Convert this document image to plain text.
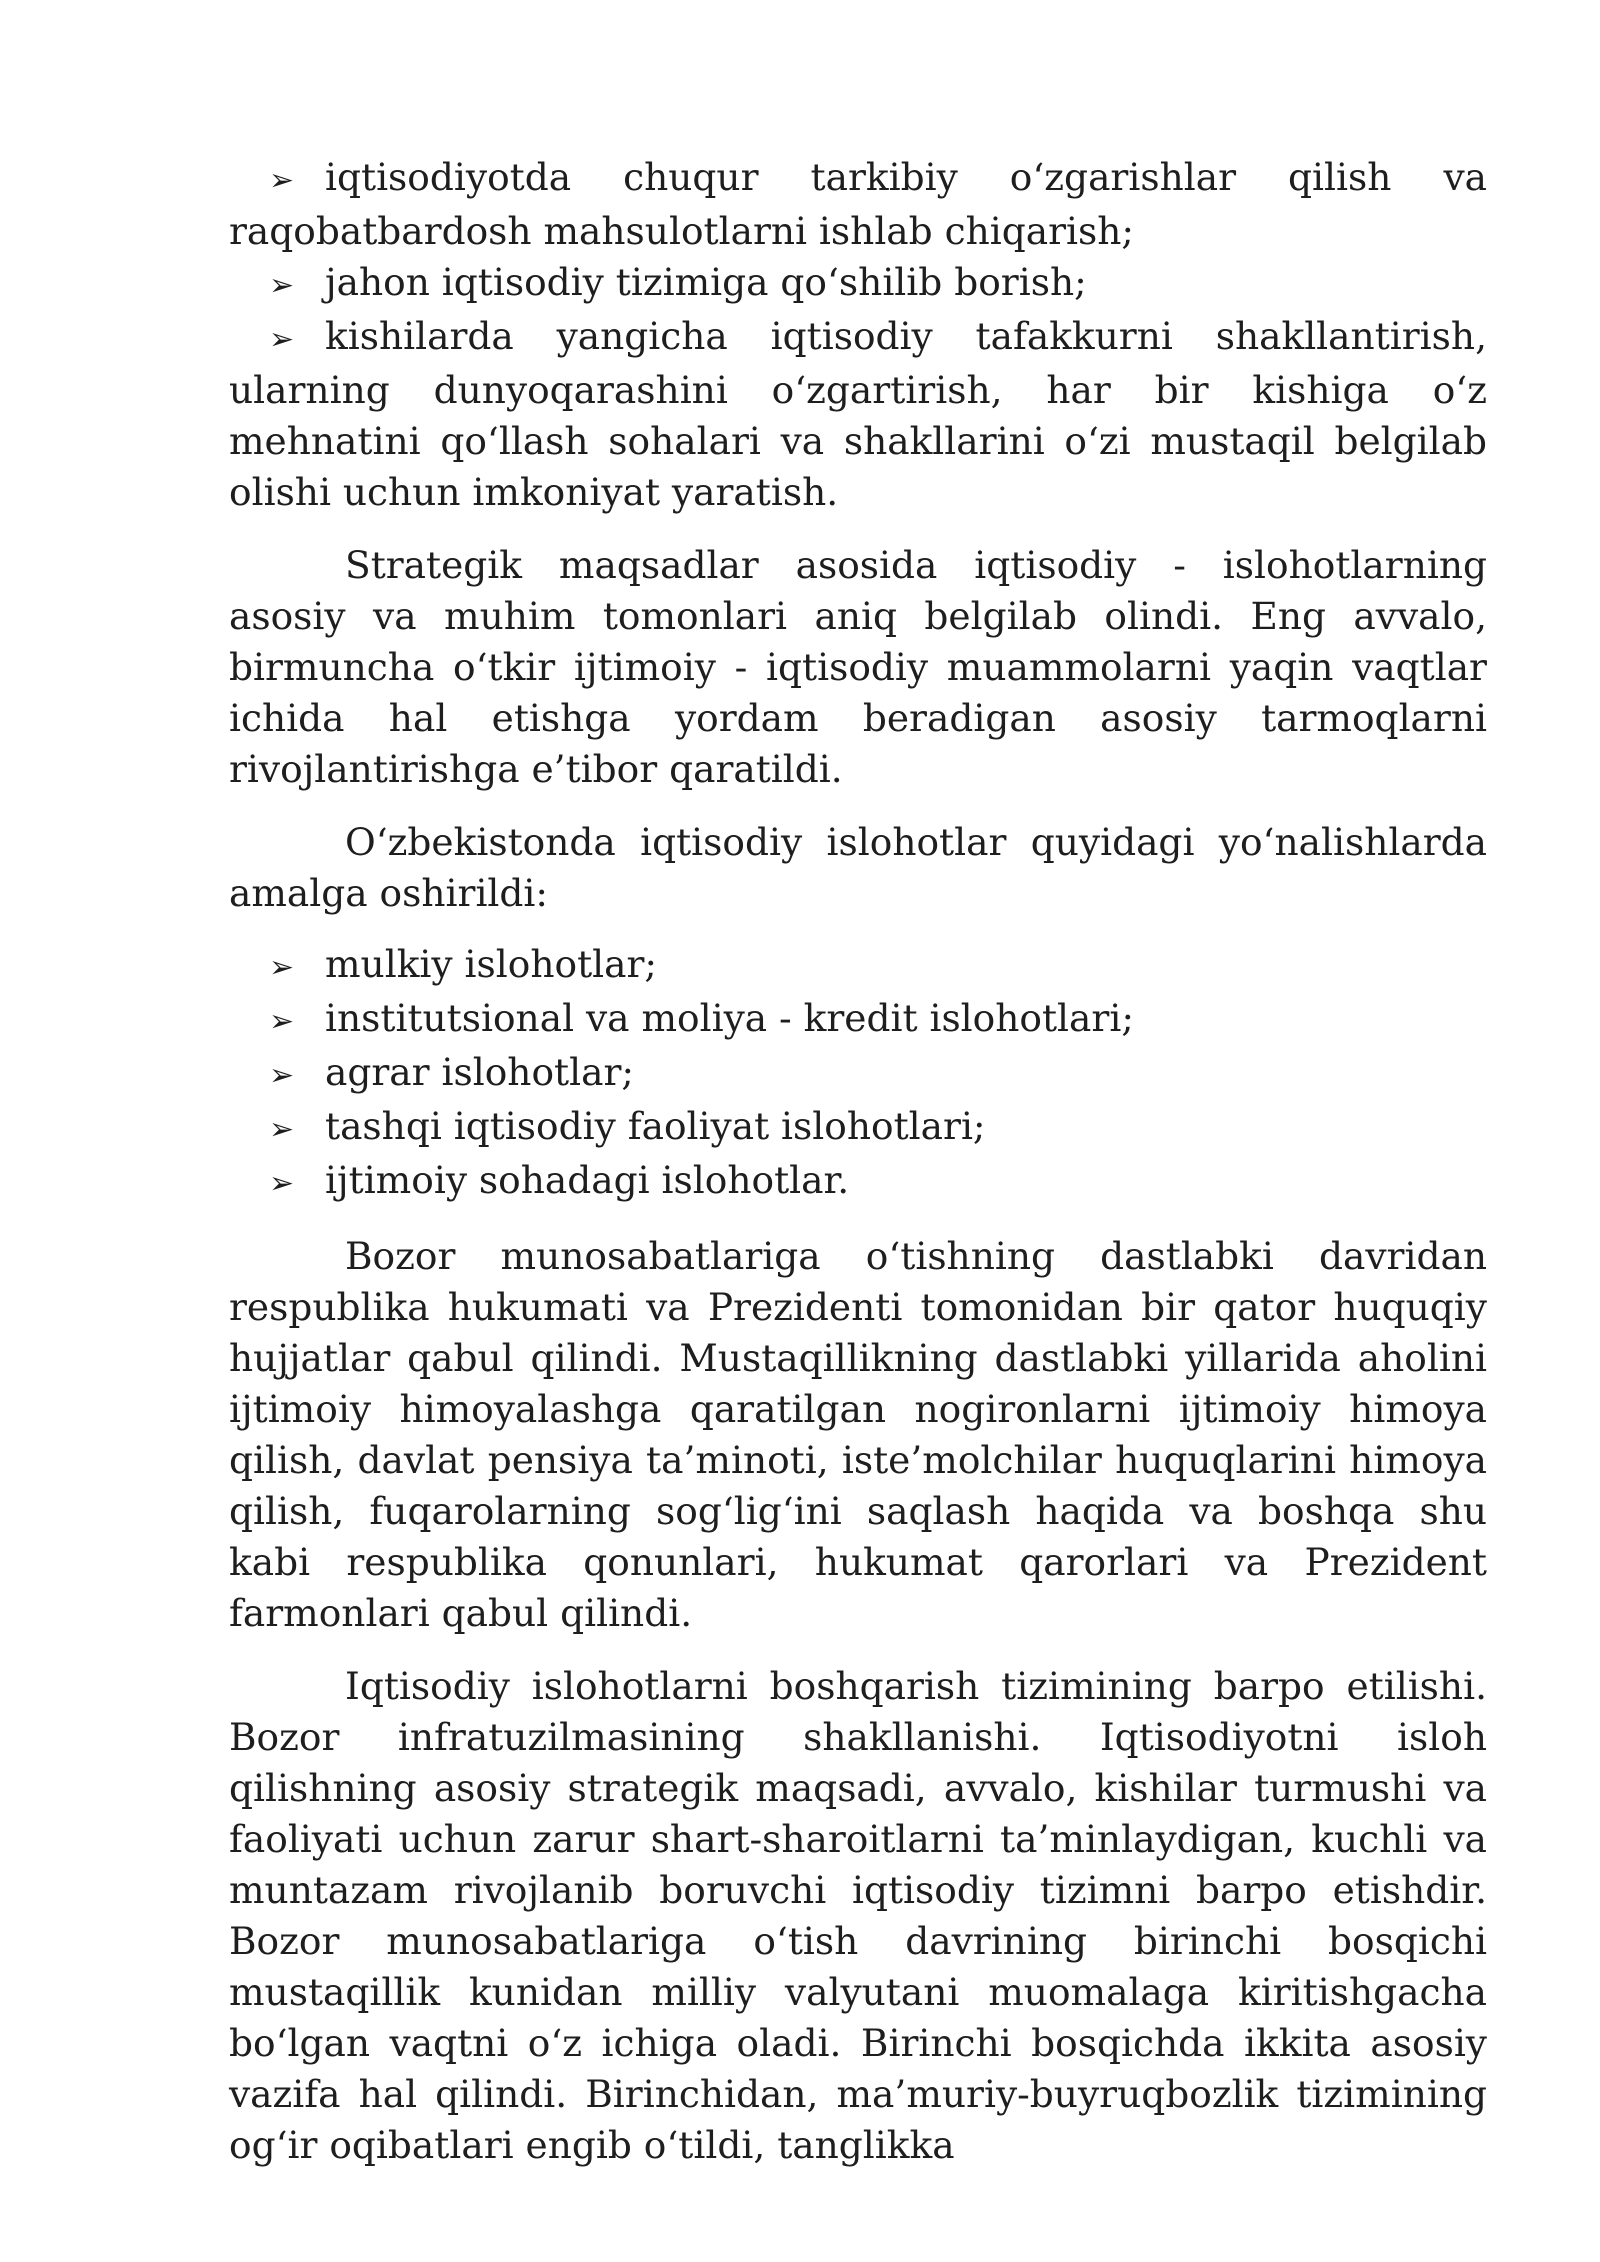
➢ iqtisodiyotda chuqur tarkibiy oʻzgarishlar qilish va raqobatbardosh mahsulotlarni ishlab chiqarish;
➢ jahon iqtisodiy tizimiga qoʻshilib borish;
➢ kishilarda yangicha iqtisodiy tafakkurni shakllantirish, ularning dunyoqarashini oʻzgartirish, har bir kishiga oʻz mehnatini qoʻllash sohalari va shakllarini oʻzi mustaqil belgilab olishi uchun imkoniyat yaratish.

Strategik maqsadlar asosida iqtisodiy - islohotlarning asosiy va muhim tomonlari aniq belgilab olindi. Eng avvalo, birmuncha oʻtkir ijtimoiy - iqtisodiy muammolarni yaqin vaqtlar ichida hal etishga yordam beradigan asosiy tarmoqlarni rivojlantirishga e’tibor qaratildi.

Oʻzbekistonda iqtisodiy islohotlar quyidagi yoʻnalishlarda amalga oshirildi:

➢ mulkiy islohotlar;
➢ institutsional va moliya - kredit islohotlari;
➢ agrar islohotlar;
➢ tashqi iqtisodiy faoliyat islohotlari;
➢ ijtimoiy sohadagi islohotlar.

Bozor munosabatlariga oʻtishning dastlabki davridan respublika hukumati va Prezidenti tomonidan bir qator huquqiy hujjatlar qabul qilindi. Mustaqillikning dastlabki yillarida aholini ijtimoiy himoyalashga qaratilgan nogironlarni ijtimoiy himoya qilish, davlat pensiya ta’minoti, iste’molchilar huquqlarini himoya qilish, fuqarolarning sogʻligʻini saqlash haqida va boshqa shu kabi respublika qonunlari, hukumat qarorlari va Prezident farmonlari qabul qilindi.

Iqtisodiy islohotlarni boshqarish tizimining barpo etilishi. Bozor infratuzilmasining shakllanishi. Iqtisodiyotni isloh qilishning asosiy strategik maqsadi, avvalo, kishilar turmushi va faoliyati uchun zarur shart-sharoitlarni ta’minlaydigan, kuchli va muntazam rivojlanib boruvchi iqtisodiy tizimni barpo etishdir. Bozor munosabatlariga oʻtish davrining birinchi bosqichi mustaqillik kunidan milliy valyutani muomalaga kiritishgacha boʻlgan vaqtni oʻz ichiga oladi. Birinchi bosqichda ikkita asosiy vazifa hal qilindi. Birinchidan, ma’muriy-buyruqbozlik tizimining ogʻir oqibatlari engib oʻtildi, tanglikka
